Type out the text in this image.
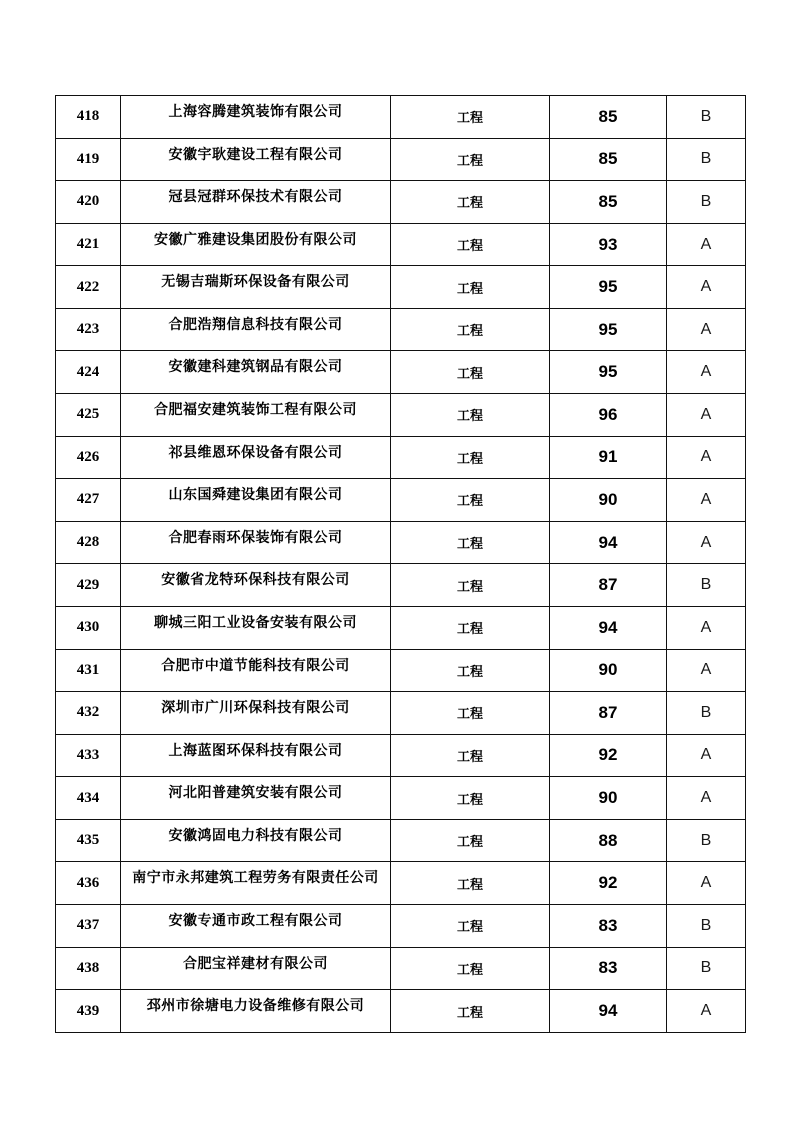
418	上海容腾建筑装饰有限公司	工程	85	B
419	安徽宇耿建设工程有限公司	工程	85	B
420	冠县冠群环保技术有限公司	工程	85	B
421	安徽广雅建设集团股份有限公司	工程	93	A
422	无锡吉瑞斯环保设备有限公司	工程	95	A
423	合肥浩翔信息科技有限公司	工程	95	A
424	安徽建科建筑钢品有限公司	工程	95	A
425	合肥福安建筑装饰工程有限公司	工程	96	A
426	祁县维恩环保设备有限公司	工程	91	A
427	山东国舜建设集团有限公司	工程	90	A
428	合肥春雨环保装饰有限公司	工程	94	A
429	安徽省龙特环保科技有限公司	工程	87	B
430	聊城三阳工业设备安装有限公司	工程	94	A
431	合肥市中道节能科技有限公司	工程	90	A
432	深圳市广川环保科技有限公司	工程	87	B
433	上海蓝图环保科技有限公司	工程	92	A
434	河北阳普建筑安装有限公司	工程	90	A
435	安徽鸿固电力科技有限公司	工程	88	B
436	南宁市永邦建筑工程劳务有限责任公司	工程	92	A
437	安徽专通市政工程有限公司	工程	83	B
438	合肥宝祥建材有限公司	工程	83	B
439	邳州市徐塘电力设备维修有限公司	工程	94	A
